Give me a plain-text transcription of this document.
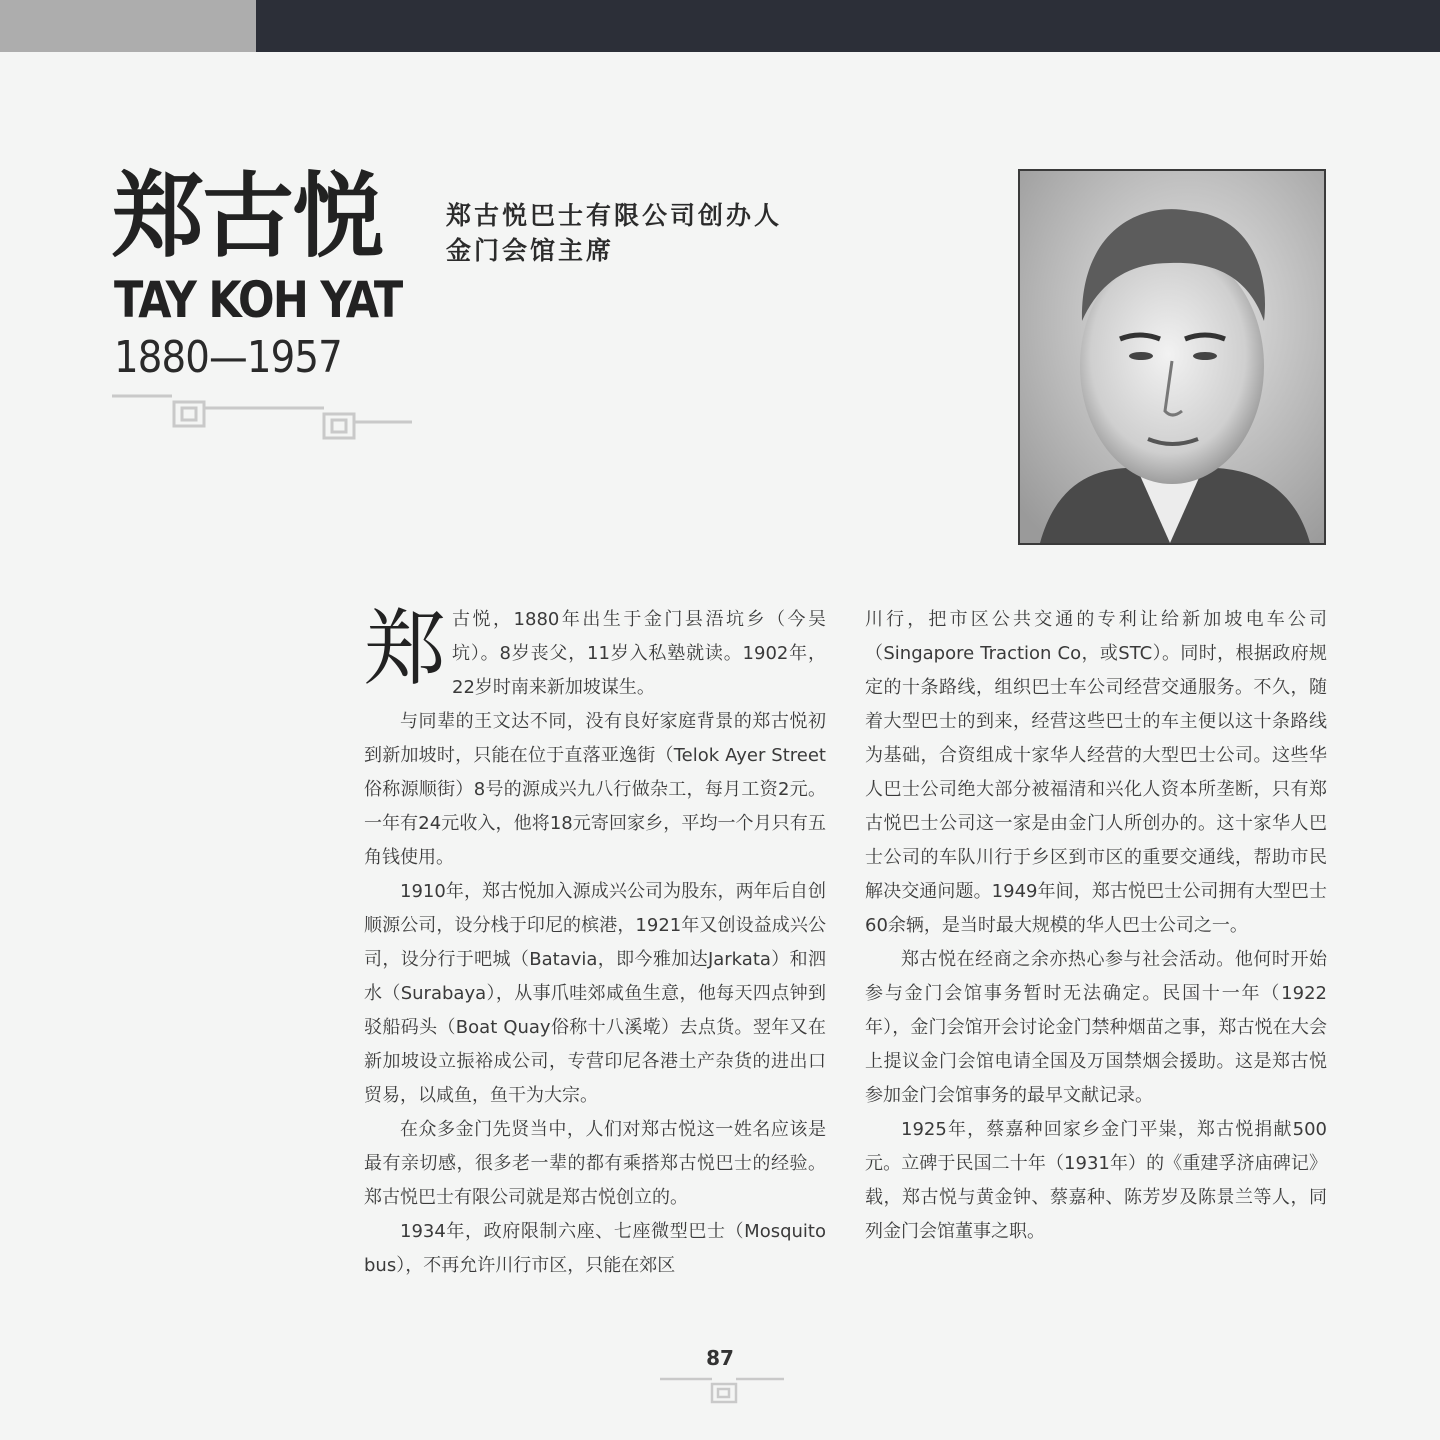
郑古悦
TAY KOH YAT
1880—1957
郑古悦巴士有限公司创办人
金门会馆主席

郑古悦，1880年出生于金门县浯坑乡（今吴坑）。8岁丧父，11岁入私塾就读。1902年，22岁时南来新加坡谋生。

与同辈的王文达不同，没有良好家庭背景的郑古悦初到新加坡时，只能在位于直落亚逸街（Telok Ayer Street俗称源顺街）8号的源成兴九八行做杂工，每月工资2元。一年有24元收入，他将18元寄回家乡，平均一个月只有五角钱使用。

1910年，郑古悦加入源成兴公司为股东，两年后自创顺源公司，设分栈于印尼的槟港，1921年又创设益成兴公司，设分行于吧城（Batavia，即今雅加达Jarkata）和泗水（Surabaya），从事爪哇郊咸鱼生意，他每天四点钟到驳船码头（Boat Quay俗称十八溪墘）去点货。翌年又在新加坡设立振裕成公司，专营印尼各港土产杂货的进出口贸易，以咸鱼，鱼干为大宗。

在众多金门先贤当中，人们对郑古悦这一姓名应该是最有亲切感，很多老一辈的都有乘搭郑古悦巴士的经验。郑古悦巴士有限公司就是郑古悦创立的。

1934年，政府限制六座、七座微型巴士（Mosquito bus），不再允许川行市区，只能在郊区

川行，把市区公共交通的专利让给新加坡电车公司（Singapore Traction Co，或STC）。同时，根据政府规定的十条路线，组织巴士车公司经营交通服务。不久，随着大型巴士的到来，经营这些巴士的车主便以这十条路线为基础，合资组成十家华人经营的大型巴士公司。这些华人巴士公司绝大部分被福清和兴化人资本所垄断，只有郑古悦巴士公司这一家是由金门人所创办的。这十家华人巴士公司的车队川行于乡区到市区的重要交通线，帮助市民解决交通问题。1949年间，郑古悦巴士公司拥有大型巴士60余辆，是当时最大规模的华人巴士公司之一。

郑古悦在经商之余亦热心参与社会活动。他何时开始参与金门会馆事务暂时无法确定。民国十一年（1922年），金门会馆开会讨论金门禁种烟苗之事，郑古悦在大会上提议金门会馆电请全国及万国禁烟会援助。这是郑古悦参加金门会馆事务的最早文献记录。

1925年，蔡嘉种回家乡金门平粜，郑古悦捐献500元。立碑于民国二十年（1931年）的《重建孚济庙碑记》载，郑古悦与黄金钟、蔡嘉种、陈芳岁及陈景兰等人，同列金门会馆董事之职。

87
